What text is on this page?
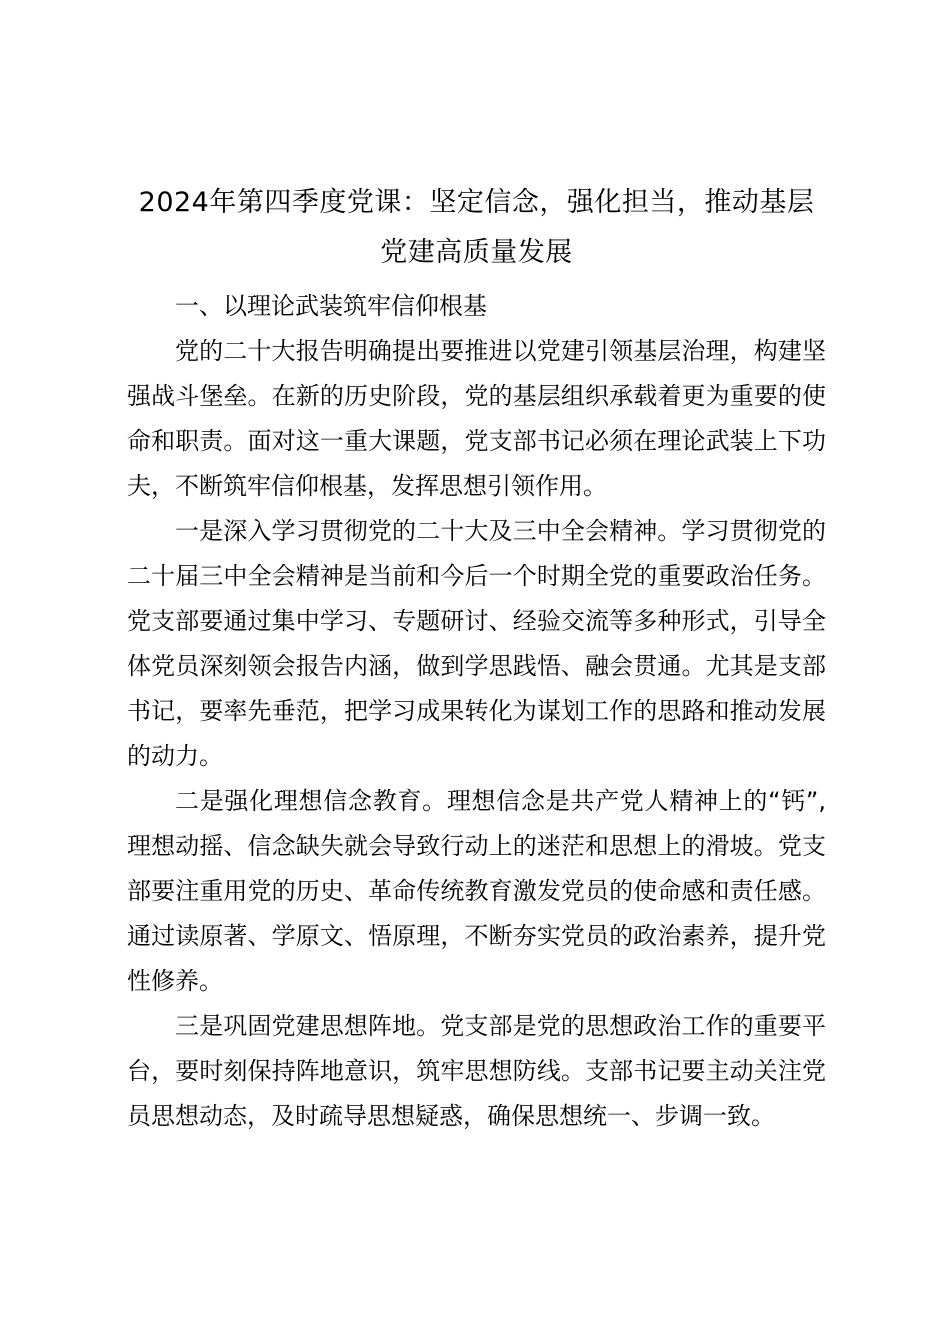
2024年第四季度党课：坚定信念，强化担当，推动基层党建高质量发展

一、以理论武装筑牢信仰根基

党的二十大报告明确提出要推进以党建引领基层治理，构建坚强战斗堡垒。在新的历史阶段，党的基层组织承载着更为重要的使命和职责。面对这一重大课题，党支部书记必须在理论武装上下功夫，不断筑牢信仰根基，发挥思想引领作用。

一是深入学习贯彻党的二十大及三中全会精神。学习贯彻党的二十届三中全会精神是当前和今后一个时期全党的重要政治任务。党支部要通过集中学习、专题研讨、经验交流等多种形式，引导全体党员深刻领会报告内涵，做到学思践悟、融会贯通。尤其是支部书记，要率先垂范，把学习成果转化为谋划工作的思路和推动发展的动力。

二是强化理想信念教育。理想信念是共产党人精神上的“钙”,理想动摇、信念缺失就会导致行动上的迷茫和思想上的滑坡。党支部要注重用党的历史、革命传统教育激发党员的使命感和责任感。通过读原著、学原文、悟原理，不断夯实党员的政治素养，提升党性修养。

三是巩固党建思想阵地。党支部是党的思想政治工作的重要平台，要时刻保持阵地意识，筑牢思想防线。支部书记要主动关注党员思想动态，及时疏导思想疑惑，确保思想统一、步调一致。
